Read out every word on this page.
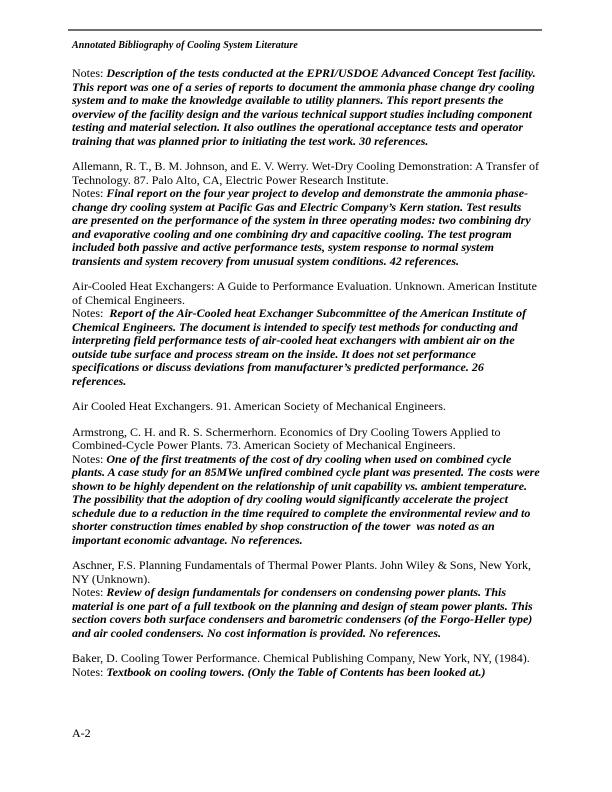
Annotated Bibliography of Cooling System Literature
Notes: Description of the tests conducted at the EPRI/USDOE Advanced Concept Test facility. This report was one of a series of reports to document the ammonia phase change dry cooling system and to make the knowledge available to utility planners. This report presents the overview of the facility design and the various technical support studies including component testing and material selection. It also outlines the operational acceptance tests and operator training that was planned prior to initiating the test work. 30 references.
Allemann, R. T., B. M. Johnson, and E. V. Werry. Wet-Dry Cooling Demonstration: A Transfer of Technology. 87. Palo Alto, CA, Electric Power Research Institute.
Notes: Final report on the four year project to develop and demonstrate the ammonia phase-change dry cooling system at Pacific Gas and Electric Company’s Kern station. Test results are presented on the performance of the system in three operating modes: two combining dry and evaporative cooling and one combining dry and capacitive cooling. The test program included both passive and active performance tests, system response to normal system transients and system recovery from unusual system conditions. 42 references.
Air-Cooled Heat Exchangers: A Guide to Performance Evaluation. Unknown. American Institute of Chemical Engineers.
Notes:  Report of the Air-Cooled heat Exchanger Subcommittee of the American Institute of Chemical Engineers. The document is intended to specify test methods for conducting and interpreting field performance tests of air-cooled heat exchangers with ambient air on the outside tube surface and process stream on the inside. It does not set performance specifications or discuss deviations from manufacturer’s predicted performance. 26 references.
Air Cooled Heat Exchangers. 91. American Society of Mechanical Engineers.
Armstrong, C. H. and R. S. Schermerhorn. Economics of Dry Cooling Towers Applied to Combined-Cycle Power Plants. 73. American Society of Mechanical Engineers.
Notes: One of the first treatments of the cost of dry cooling when used on combined cycle plants. A case study for an 85MWe unfired combined cycle plant was presented. The costs were shown to be highly dependent on the relationship of unit capability vs. ambient temperature. The possibility that the adoption of dry cooling would significantly accelerate the project schedule due to a reduction in the time required to complete the environmental review and to shorter construction times enabled by shop construction of the tower  was noted as an important economic advantage. No references.
Aschner, F.S. Planning Fundamentals of Thermal Power Plants. John Wiley & Sons, New York, NY (Unknown).
Notes: Review of design fundamentals for condensers on condensing power plants. This material is one part of a full textbook on the planning and design of steam power plants. This section covers both surface condensers and barometric condensers (of the Forgo-Heller type) and air cooled condensers. No cost information is provided. No references.
Baker, D. Cooling Tower Performance. Chemical Publishing Company, New York, NY, (1984).
Notes: Textbook on cooling towers. (Only the Table of Contents has been looked at.)
A-2
